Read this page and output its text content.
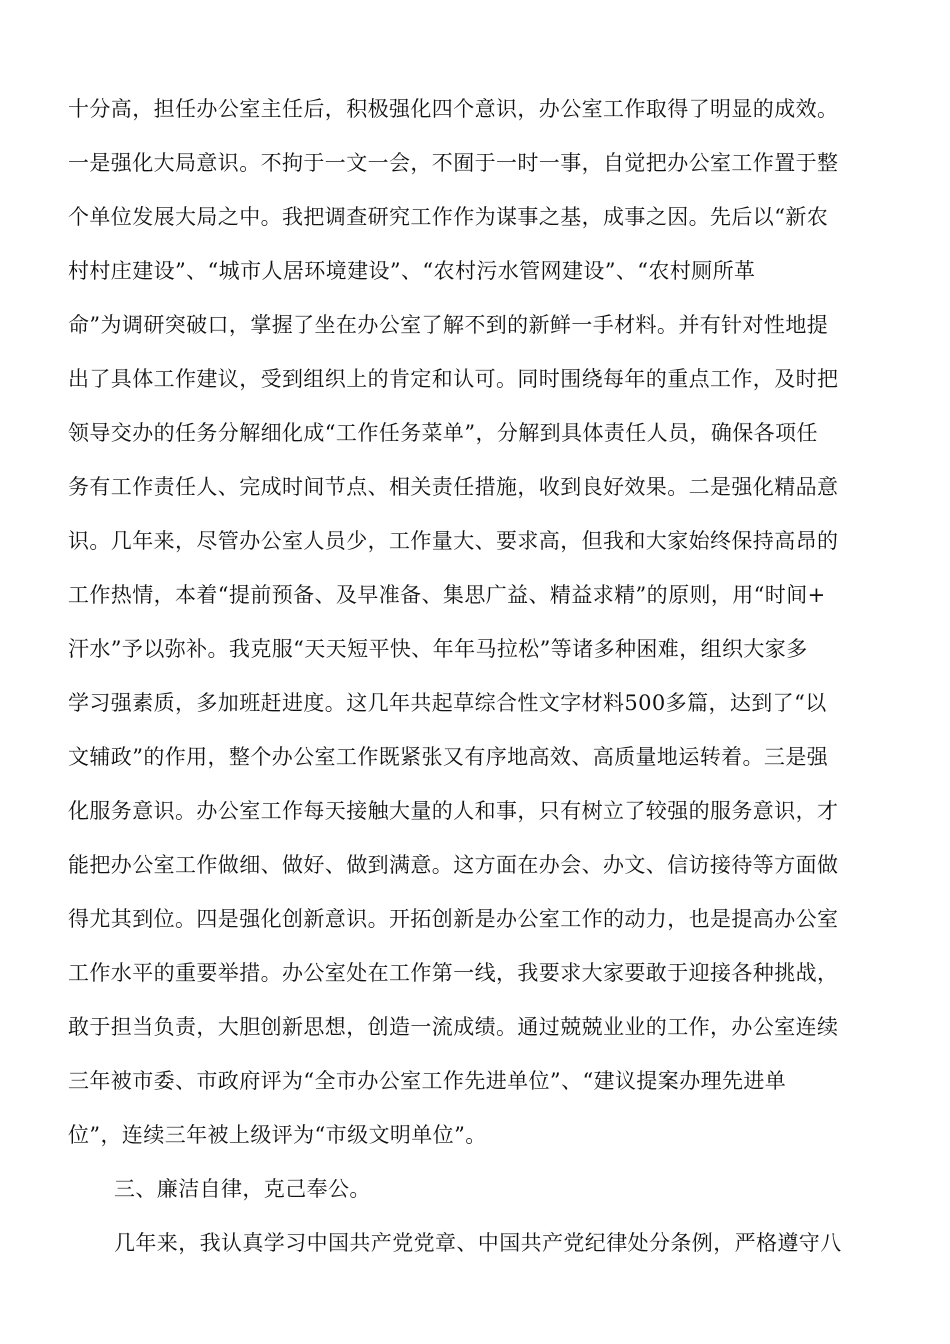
十分高，担任办公室主任后，积极强化四个意识，办公室工作取得了明显的成效。
一是强化大局意识。不拘于一文一会，不囿于一时一事，自觉把办公室工作置于整
个单位发展大局之中。我把调查研究工作作为谋事之基，成事之因。先后以“新农
村村庄建设”、“城市人居环境建设”、“农村污水管网建设”、“农村厕所革
命”为调研突破口，掌握了坐在办公室了解不到的新鲜一手材料。并有针对性地提
出了具体工作建议，受到组织上的肯定和认可。同时围绕每年的重点工作，及时把
领导交办的任务分解细化成“工作任务菜单”，分解到具体责任人员，确保各项任
务有工作责任人、完成时间节点、相关责任措施，收到良好效果。二是强化精品意
识。几年来，尽管办公室人员少，工作量大、要求高，但我和大家始终保持高昂的
工作热情，本着“提前预备、及早准备、集思广益、精益求精”的原则，用“时间+
汗水”予以弥补。我克服“天天短平快、年年马拉松”等诸多种困难，组织大家多
学习强素质，多加班赶进度。这几年共起草综合性文字材料500多篇，达到了“以
文辅政”的作用，整个办公室工作既紧张又有序地高效、高质量地运转着。三是强
化服务意识。办公室工作每天接触大量的人和事，只有树立了较强的服务意识，才
能把办公室工作做细、做好、做到满意。这方面在办会、办文、信访接待等方面做
得尤其到位。四是强化创新意识。开拓创新是办公室工作的动力，也是提高办公室
工作水平的重要举措。办公室处在工作第一线，我要求大家要敢于迎接各种挑战，
敢于担当负责，大胆创新思想，创造一流成绩。通过兢兢业业的工作，办公室连续
三年被市委、市政府评为“全市办公室工作先进单位”、“建议提案办理先进单
位”，连续三年被上级评为“市级文明单位”。
三、廉洁自律，克己奉公。
几年来，我认真学习中国共产党党章、中国共产党纪律处分条例，严格遵守八
